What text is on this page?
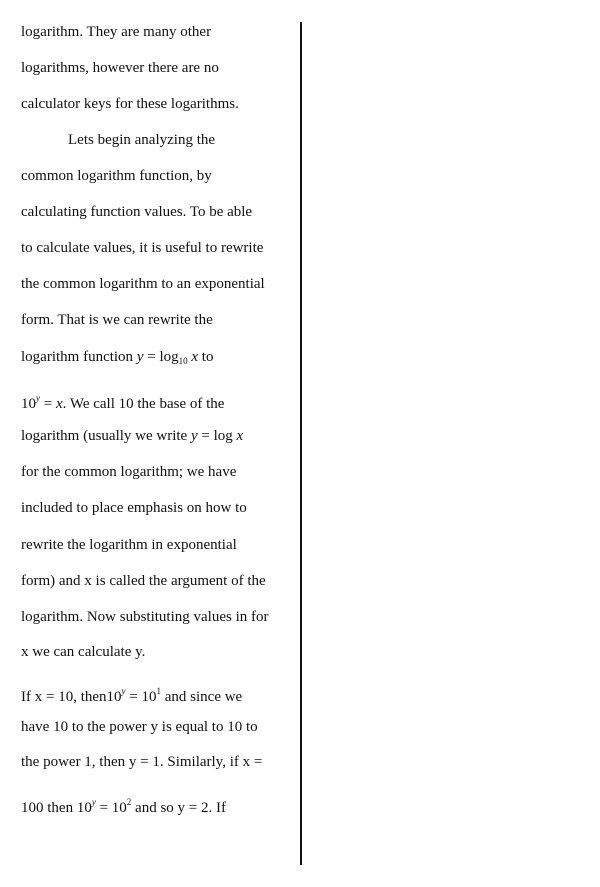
logarithm. They are many other
logarithms, however there are no
calculator keys for these logarithms.
Lets begin analyzing the
common logarithm function, by
calculating function values. To be able
to calculate values, it is useful to rewrite
the common logarithm to an exponential
form. That is we can rewrite the
logarithm function $y = \log_{10} x$ to
$10^y = x$. We call 10 the base of the
logarithm (usually we write y = log x
for the common logarithm; we have
included to place emphasis on how to
rewrite the logarithm in exponential
form) and x is called the argument of the
logarithm. Now substituting values in for
x we can calculate y.
If x = 10, $then10^y = 10^1$ and since we
have 10 to the power y is equal to 10 to
the power 1, then y = 1. Similarly, if x =
100 then $10^y = 10^2$ and so y = 2. If
